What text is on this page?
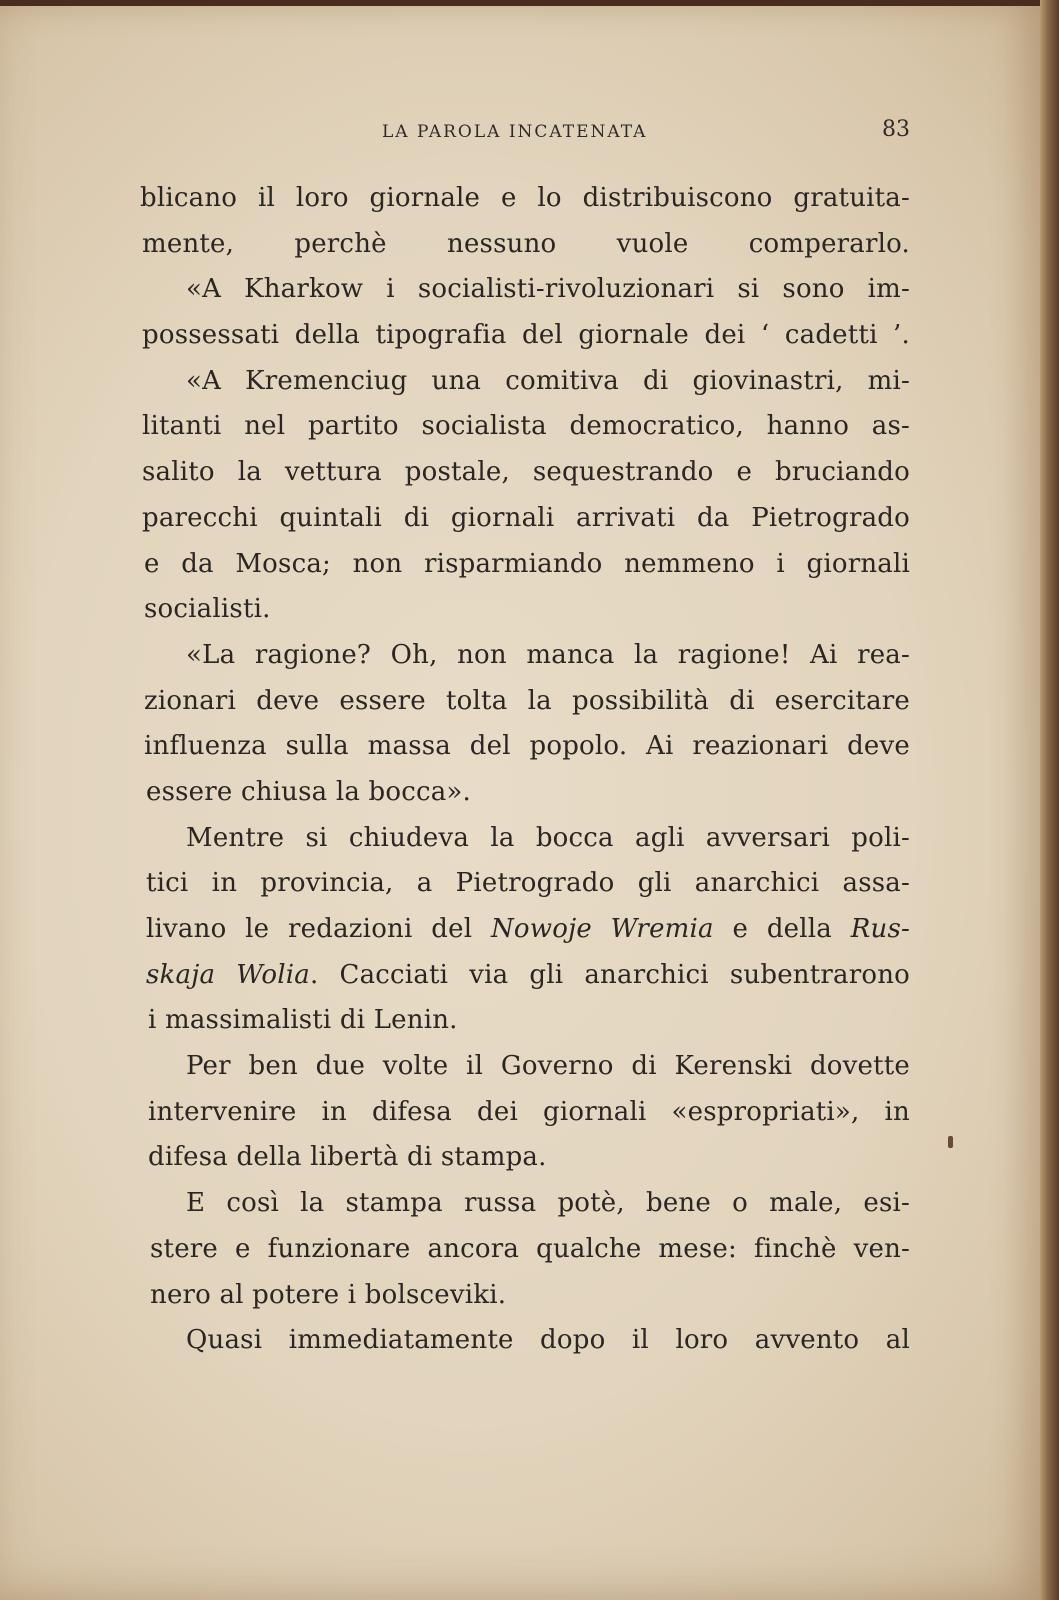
LA PAROLA INCATENATA	83
blicano il loro giornale e lo distribuiscono gratuita-
mente, perchè nessuno vuole comperarlo.
«A Kharkow i socialisti-rivoluzionari si sono im-
possessati della tipografia del giornale dei ‘ cadetti ’.
«A Kremenciug una comitiva di giovinastri, mi-
litanti nel partito socialista democratico, hanno as-
salito la vettura postale, sequestrando e bruciando
parecchi quintali di giornali arrivati da Pietrogrado
e da Mosca; non risparmiando nemmeno i giornali
socialisti.
«La ragione? Oh, non manca la ragione! Ai rea-
zionari deve essere tolta la possibilità di esercitare
influenza sulla massa del popolo. Ai reazionari deve
essere chiusa la bocca».
Mentre si chiudeva la bocca agli avversari poli-
tici in provincia, a Pietrogrado gli anarchici assa-
livano le redazioni del Nowoje Wremia e della Rus-
skaja Wolia. Cacciati via gli anarchici subentrarono
i massimalisti di Lenin.
Per ben due volte il Governo di Kerenski dovette
intervenire in difesa dei giornali «espropriati», in
difesa della libertà di stampa.
E così la stampa russa potè, bene o male, esi-
stere e funzionare ancora qualche mese: finchè ven-
nero al potere i bolsceviki.
Quasi immediatamente dopo il loro avvento al
